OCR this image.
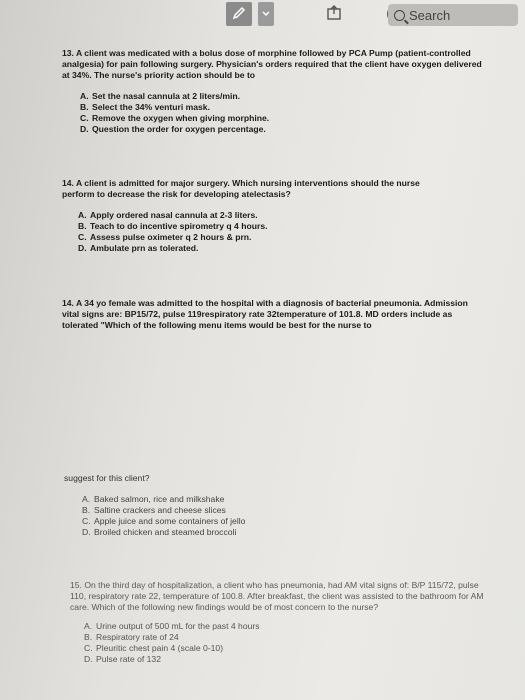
Search
13. A client was medicated with a bolus dose of morphine followed by PCA Pump (patient-controlled analgesia) for pain following surgery. Physician's orders required that the client have oxygen delivered at 34%. The nurse's priority action should be to
A. Set the nasal cannula at 2 liters/min.
B. Select the 34% venturi mask.
C. Remove the oxygen when giving morphine.
D. Question the order for oxygen percentage.
14. A client is admitted for major surgery. Which nursing interventions should the nurse perform to decrease the risk for developing atelectasis?
A. Apply ordered nasal cannula at 2-3 liters.
B. Teach to do incentive spirometry q 4 hours.
C. Assess pulse oximeter q 2 hours & prn.
D. Ambulate prn as tolerated.
14. A 34 yo female was admitted to the hospital with a diagnosis of bacterial pneumonia. Admission vital signs are: BP15/72, pulse 119respiratory rate 32temperature of 101.8. MD orders include as tolerated "Which of the following menu items would be best for the nurse to
suggest for this client?
A. Baked salmon, rice and milkshake
B. Saltine crackers and cheese slices
C. Apple juice and some containers of jello
D. Broiled chicken and steamed broccoli
15. On the third day of hospitalization, a client who has pneumonia, had AM vital signs of: B/P 115/72, pulse 110, respiratory rate 22, temperature of 100.8. After breakfast, the client was assisted to the bathroom for AM care. Which of the following new findings would be of most concern to the nurse?
A. Urine output of 500 mL for the past 4 hours
B. Respiratory rate of 24
C. Pleuritic chest pain 4 (scale 0-10)
D. Pulse rate of 132
